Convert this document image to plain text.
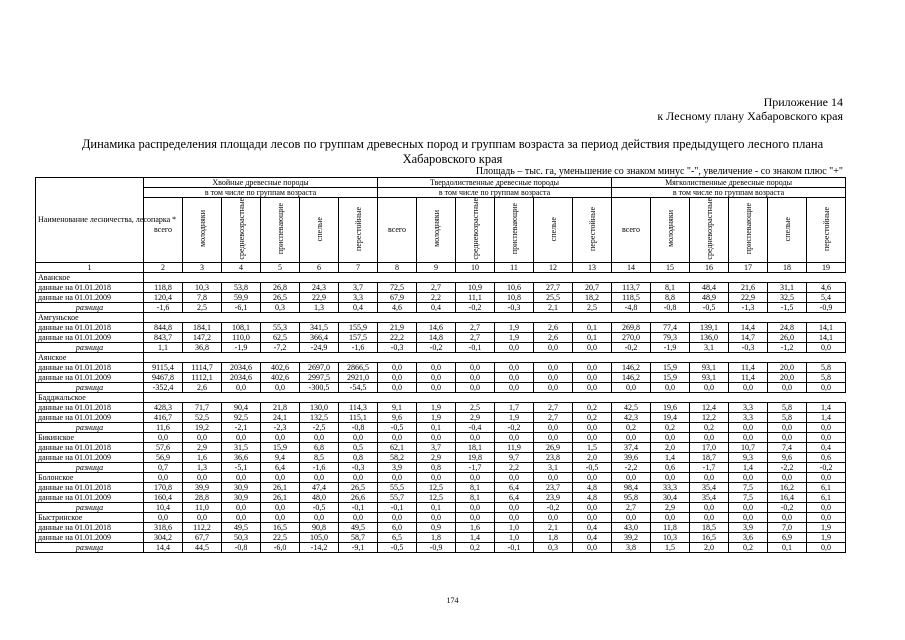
Приложение 14
к Лесному плану Хабаровского края
Динамика распределения площади лесов по группам древесных пород и группам возраста за период действия предыдущего лесного плана
Хабаровского края
Площадь – тыс. га, уменьшение со знаком минус "-", увеличение - со знаком плюс "+"
Наименование лесничества, лесопарка *	Хвойные древесные породы						Твердолиственные древесные породы						Мягколиственные древесные породы					
	в том числе по группам возраста						в том числе по группам возраста						в том числе по группам возраста					
	всего	молодняки	средневозрастные	приспевающие	спелые	перестойные	всего	молодняки	средневозрастные	приспевающие	спелые	перестойные	всего	молодняки	средневозрастные	приспевающие	спелые	перестойные
1	2	3	4	5	6	7	8	9	10	11	12	13	14	15	16	17	18	19
Аванское																		
данные на 01.01.2018	118,8	10,3	53,8	26,8	24,3	3,7	72,5	2,7	10,9	10,6	27,7	20,7	113,7	8,1	48,4	21,6	31,1	4,6
данные на 01.01.2009	120,4	7,8	59,9	26,5	22,9	3,3	67,9	2,2	11,1	10,8	25,5	18,2	118,5	8,8	48,9	22,9	32,5	5,4
разница	-1,6	2,5	-6,1	0,3	1,3	0,4	4,6	0,4	-0,2	-0,3	2,1	2,5	-4,8	-0,8	-0,5	-1,3	-1,5	-0,9
Амгуньское																		
данные на 01.01.2018	844,8	184,1	108,1	55,3	341,5	155,9	21,9	14,6	2,7	1,9	2,6	0,1	269,8	77,4	139,1	14,4	24,8	14,1
данные на 01.01.2009	843,7	147,2	110,0	62,5	366,4	157,5	22,2	14,8	2,7	1,9	2,6	0,1	270,0	79,3	136,0	14,7	26,0	14,1
разница	1,1	36,8	-1,9	-7,2	-24,9	-1,6	-0,3	-0,2	-0,1	0,0	0,0	0,0	-0,2	-1,9	3,1	-0,3	-1,2	0,0
Аянское																		
данные на 01.01.2018	9115,4	1114,7	2034,6	402,6	2697,0	2866,5	0,0	0,0	0,0	0,0	0,0	0,0	146,2	15,9	93,1	11,4	20,0	5,8
данные на 01.01.2009	9467,8	1112,1	2034,6	402,6	2997,5	2921,0	0,0	0,0	0,0	0,0	0,0	0,0	146,2	15,9	93,1	11,4	20,0	5,8
разница	-352,4	2,6	0,0	0,0	-300,5	-54,5	0,0	0,0	0,0	0,0	0,0	0,0	0,0	0,0	0,0	0,0	0,0	0,0
Бадджальское																		
данные на 01.01.2018	428,3	71,7	90,4	21,8	130,0	114,3	9,1	1,9	2,5	1,7	2,7	0,2	42,5	19,6	12,4	3,3	5,8	1,4
данные на 01.01.2009	416,7	52,5	92,5	24,1	132,5	115,1	9,6	1,9	2,9	1,9	2,7	0,2	42,3	19,4	12,2	3,3	5,8	1,4
разница	11,6	19,2	-2,1	-2,3	-2,5	-0,8	-0,5	0,1	-0,4	-0,2	0,0	0,0	0,2	0,2	0,2	0,0	0,0	0,0
Бикинское	0,0	0,0	0,0	0,0	0,0	0,0	0,0	0,0	0,0	0,0	0,0	0,0	0,0	0,0	0,0	0,0	0,0	0,0
данные на 01.01.2018	57,6	2,9	31,5	15,9	6,8	0,5	62,1	3,7	18,1	11,9	26,9	1,5	37,4	2,0	17,0	10,7	7,4	0,4
данные на 01.01.2009	56,9	1,6	36,6	9,4	8,5	0,8	58,2	2,9	19,8	9,7	23,8	2,0	39,6	1,4	18,7	9,3	9,6	0,6
разница	0,7	1,3	-5,1	6,4	-1,6	-0,3	3,9	0,8	-1,7	2,2	3,1	-0,5	-2,2	0,6	-1,7	1,4	-2,2	-0,2
Болонское	0,0	0,0	0,0	0,0	0,0	0,0	0,0	0,0	0,0	0,0	0,0	0,0	0,0	0,0	0,0	0,0	0,0	0,0
данные на 01.01.2018	170,8	39,9	30,9	26,1	47,4	26,5	55,5	12,5	8,1	6,4	23,7	4,8	98,4	33,3	35,4	7,5	16,2	6,1
данные на 01.01.2009	160,4	28,8	30,9	26,1	48,0	26,6	55,7	12,5	8,1	6,4	23,9	4,8	95,8	30,4	35,4	7,5	16,4	6,1
разница	10,4	11,0	0,0	0,0	-0,5	-0,1	-0,1	0,1	0,0	0,0	-0,2	0,0	2,7	2,9	0,0	0,0	-0,2	0,0
Быстринское	0,0	0,0	0,0	0,0	0,0	0,0	0,0	0,0	0,0	0,0	0,0	0,0	0,0	0,0	0,0	0,0	0,0	0,0
данные на 01.01.2018	318,6	112,2	49,5	16,5	90,8	49,5	6,0	0,9	1,6	1,0	2,1	0,4	43,0	11,8	18,5	3,9	7,0	1,9
данные на 01.01.2009	304,2	67,7	50,3	22,5	105,0	58,7	6,5	1,8	1,4	1,0	1,8	0,4	39,2	10,3	16,5	3,6	6,9	1,9
разница	14,4	44,5	-0,8	-6,0	-14,2	-9,1	-0,5	-0,9	0,2	-0,1	0,3	0,0	3,8	1,5	2,0	0,2	0,1	0,0
174
